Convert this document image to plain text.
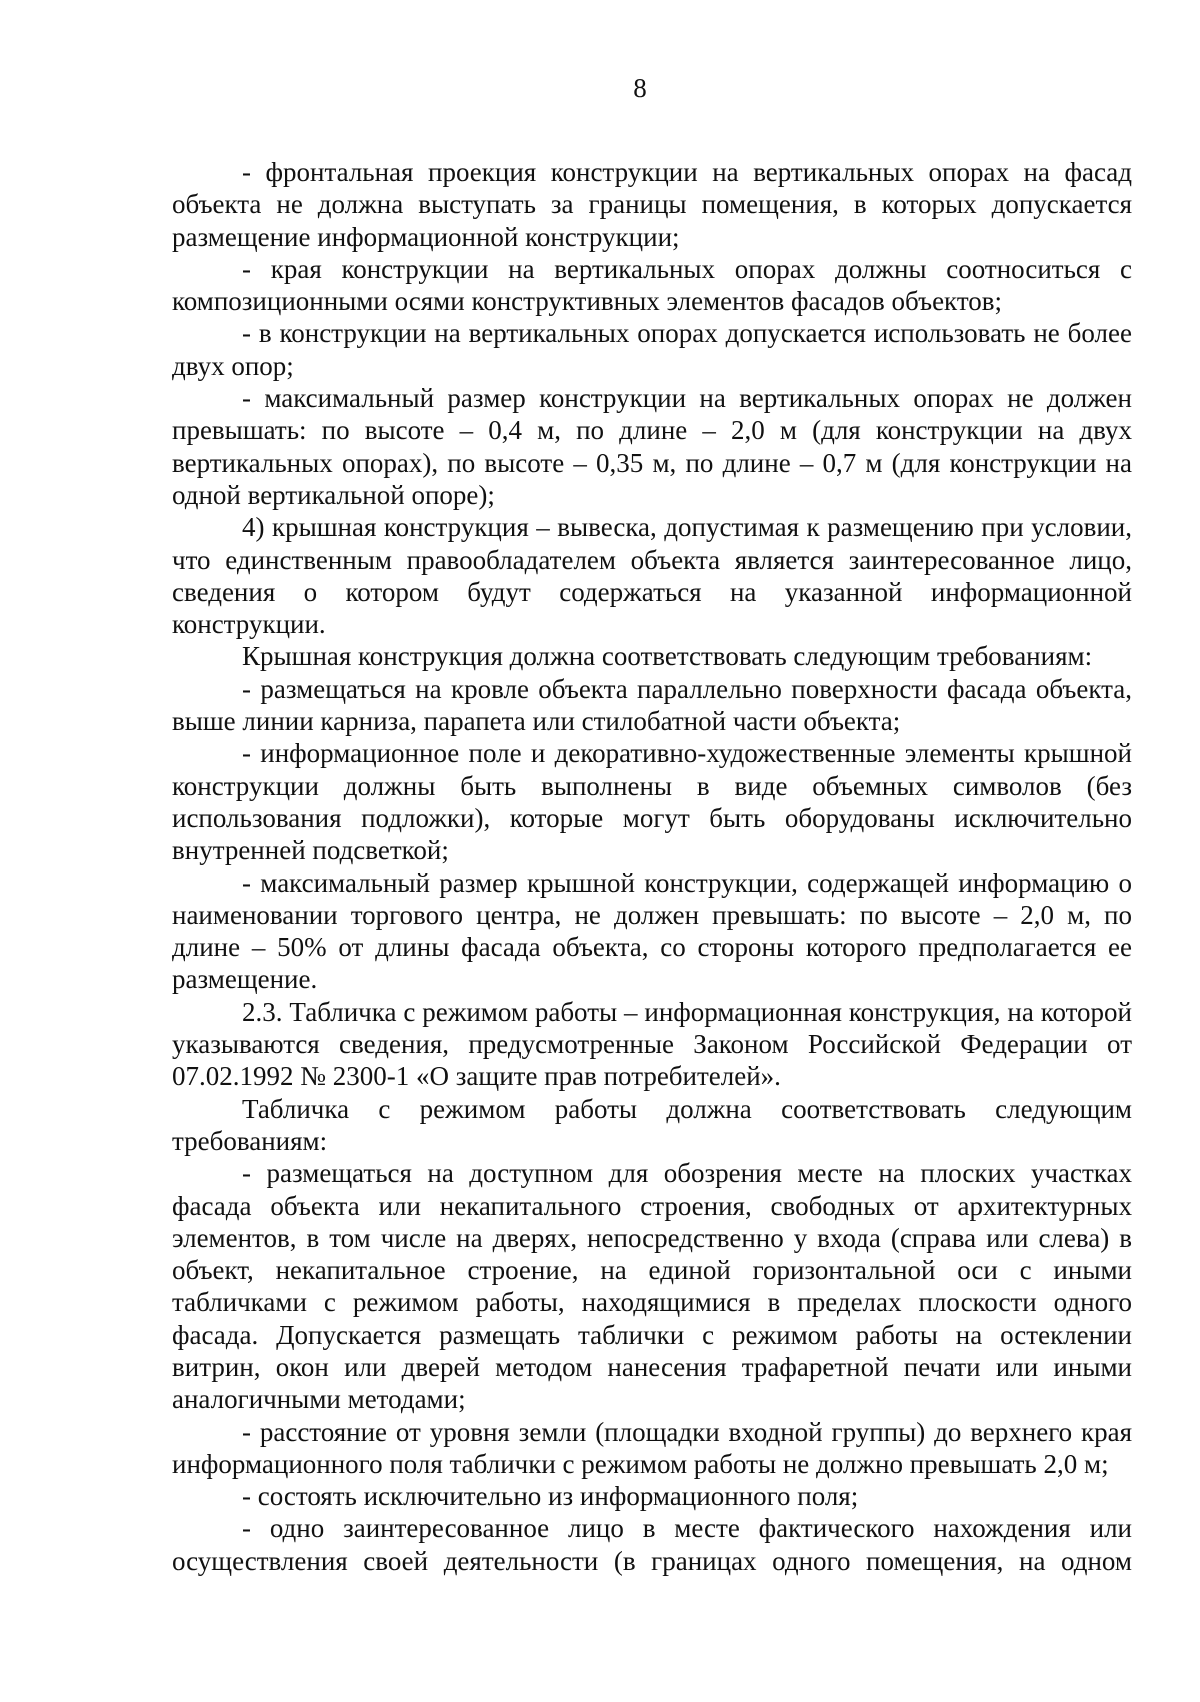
8

- фронтальная проекция конструкции на вертикальных опорах на фасад объекта не должна выступать за границы помещения, в которых допускается размещение информационной конструкции;

- края конструкции на вертикальных опорах должны соотноситься с композиционными осями конструктивных элементов фасадов объектов;

- в конструкции на вертикальных опорах допускается использовать не более двух опор;

- максимальный размер конструкции на вертикальных опорах не должен превышать: по высоте – 0,4 м, по длине – 2,0 м (для конструкции на двух вертикальных опорах), по высоте – 0,35 м, по длине – 0,7 м (для конструкции на одной вертикальной опоре);

4) крышная конструкция – вывеска, допустимая к размещению при условии, что единственным правообладателем объекта является заинтересованное лицо, сведения о котором будут содержаться на указанной информационной конструкции.

Крышная конструкция должна соответствовать следующим требованиям:

- размещаться на кровле объекта параллельно поверхности фасада объекта, выше линии карниза, парапета или стилобатной части объекта;

- информационное поле и декоративно-художественные элементы крышной конструкции должны быть выполнены в виде объемных символов (без использования подложки), которые могут быть оборудованы исключительно внутренней подсветкой;

- максимальный размер крышной конструкции, содержащей информацию о наименовании торгового центра, не должен превышать: по высоте – 2,0 м, по длине – 50% от длины фасада объекта, со стороны которого предполагается ее размещение.

2.3. Табличка с режимом работы – информационная конструкция, на которой указываются сведения, предусмотренные Законом Российской Федерации от 07.02.1992 № 2300-1 «О защите прав потребителей».

Табличка с режимом работы должна соответствовать следующим требованиям:

- размещаться на доступном для обозрения месте на плоских участках фасада объекта или некапитального строения, свободных от архитектурных элементов, в том числе на дверях, непосредственно у входа (справа или слева) в объект, некапитальное строение, на единой горизонтальной оси с иными табличками с режимом работы, находящимися в пределах плоскости одного фасада. Допускается размещать таблички с режимом работы на остеклении витрин, окон или дверей методом нанесения трафаретной печати или иными аналогичными методами;

- расстояние от уровня земли (площадки входной группы) до верхнего края информационного поля таблички с режимом работы не должно превышать 2,0 м;

- состоять исключительно из информационного поля;

- одно заинтересованное лицо в месте фактического нахождения или осуществления своей деятельности (в границах одного помещения, на одном
